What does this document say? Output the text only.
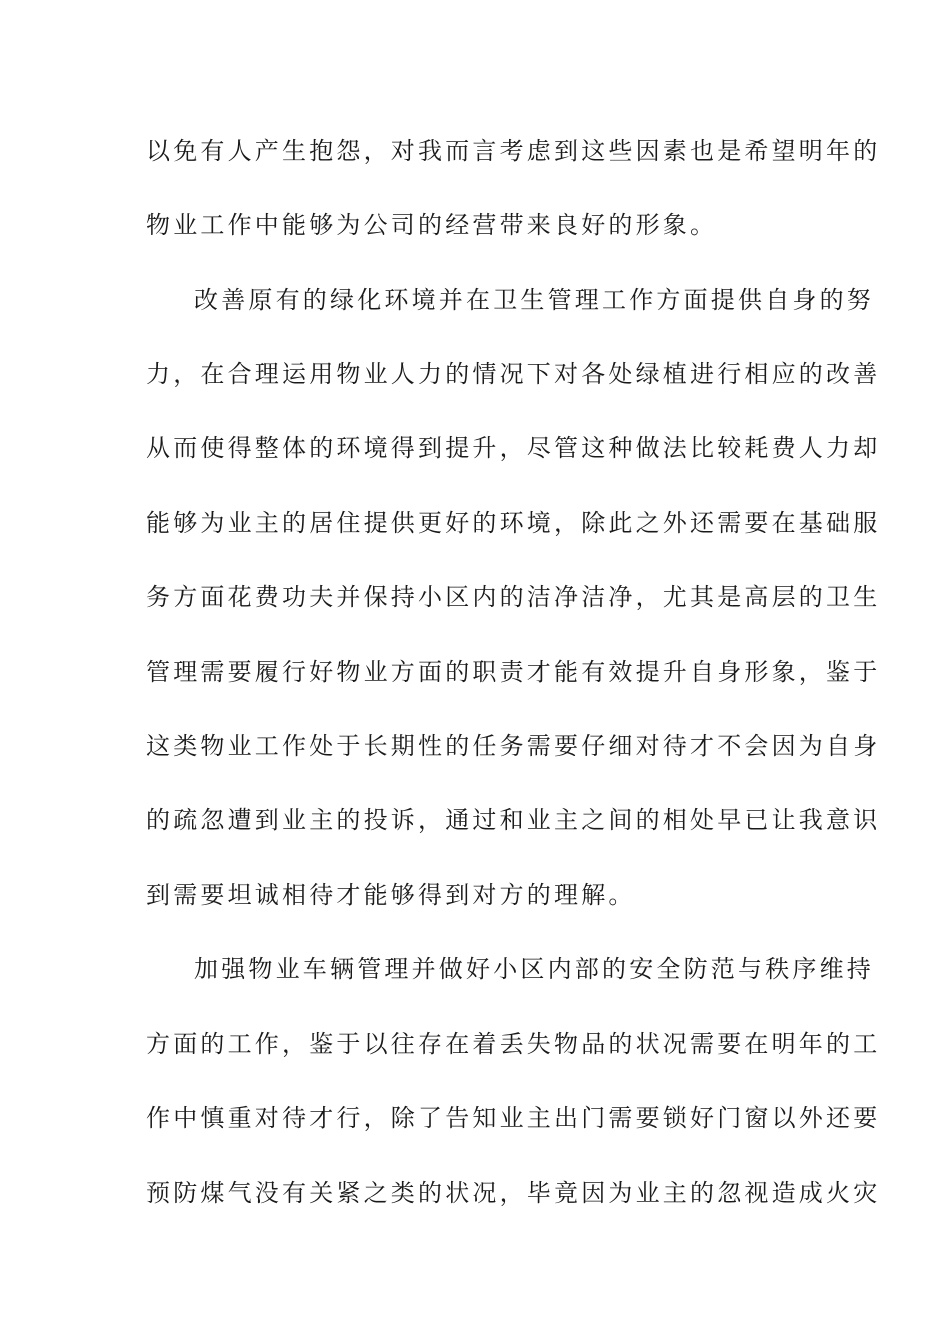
以免有人产生抱怨，对我而言考虑到这些因素也是希望明年的
物业工作中能够为公司的经营带来良好的形象。
改善原有的绿化环境并在卫生管理工作方面提供自身的努
力，在合理运用物业人力的情况下对各处绿植进行相应的改善
从而使得整体的环境得到提升，尽管这种做法比较耗费人力却
能够为业主的居住提供更好的环境，除此之外还需要在基础服
务方面花费功夫并保持小区内的洁净洁净，尤其是高层的卫生
管理需要履行好物业方面的职责才能有效提升自身形象，鉴于
这类物业工作处于长期性的任务需要仔细对待才不会因为自身
的疏忽遭到业主的投诉，通过和业主之间的相处早已让我意识
到需要坦诚相待才能够得到对方的理解。
加强物业车辆管理并做好小区内部的安全防范与秩序维持
方面的工作，鉴于以往存在着丢失物品的状况需要在明年的工
作中慎重对待才行，除了告知业主出门需要锁好门窗以外还要
预防煤气没有关紧之类的状况，毕竟因为业主的忽视造成火灾
